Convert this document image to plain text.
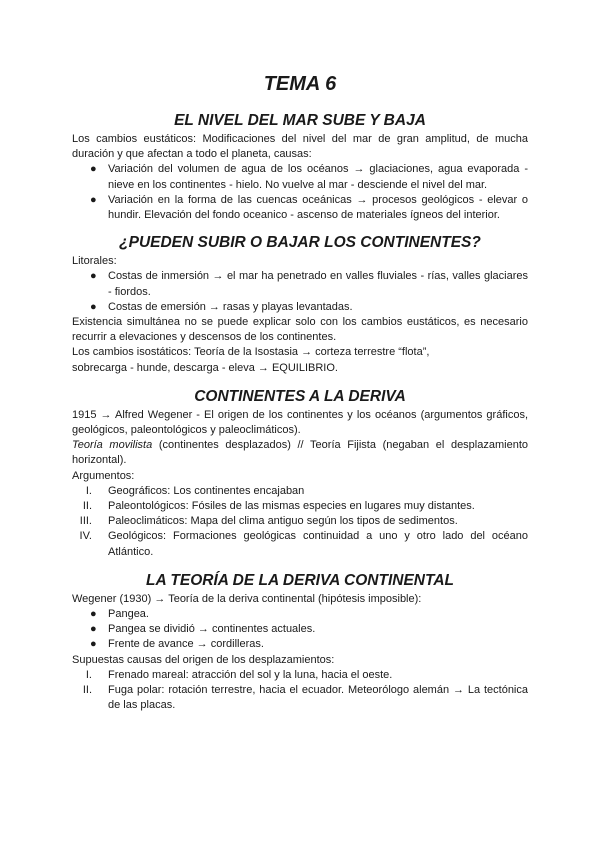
TEMA 6
EL NIVEL DEL MAR SUBE Y BAJA

Los cambios eustáticos: Modificaciones del nivel del mar de gran amplitud, de mucha duración y que afectan a todo el planeta, causas:

● Variación del volumen de agua de los océanos → glaciaciones, agua evaporada - nieve en los continentes - hielo. No vuelve al mar - desciende el nivel del mar.
● Variación en la forma de las cuencas oceánicas → procesos geológicos - elevar o hundir. Elevación del fondo oceanico - ascenso de materiales ígneos del interior.
¿PUEDEN SUBIR O BAJAR LOS CONTINENTES?

Litorales:

● Costas de inmersión → el mar ha penetrado en valles fluviales - rías, valles glaciares - fiordos.
● Costas de emersión → rasas y playas levantadas.

Existencia simultánea no se puede explicar solo con los cambios eustáticos, es necesario recurrir a elevaciones y descensos de los continentes.

Los cambios isostáticos: Teoría de la Isostasia → corteza terrestre “flota”,

sobrecarga - hunde, descarga - eleva → EQUILIBRIO.

CONTINENTES A LA DERIVA

1915 → Alfred Wegener - El origen de los continentes y los océanos (argumentos gráficos, geológicos, paleontológicos y paleoclimáticos).

Teoría movilista (continentes desplazados) // Teoría Fijista (negaban el desplazamiento horizontal).

Argumentos:

I. Geográficos: Los continentes encajaban
II. Paleontológicos: Fósiles de las mismas especies en lugares muy distantes.
III. Paleoclimáticos: Mapa del clima antiguo según los tipos de sedimentos.
IV. Geológicos: Formaciones geológicas continuidad a uno y otro lado del océano Atlántico.
LA TEORÍA DE LA DERIVA CONTINENTAL

Wegener (1930) → Teoría de la deriva continental (hipótesis imposible):

● Pangea.
● Pangea se dividió → continentes actuales.
● Frente de avance → cordilleras.

Supuestas causas del origen de los desplazamientos:

I. Frenado mareal: atracción del sol y la luna, hacia el oeste.
II. Fuga polar: rotación terrestre, hacia el ecuador. Meteorólogo alemán → La tectónica de las placas.
